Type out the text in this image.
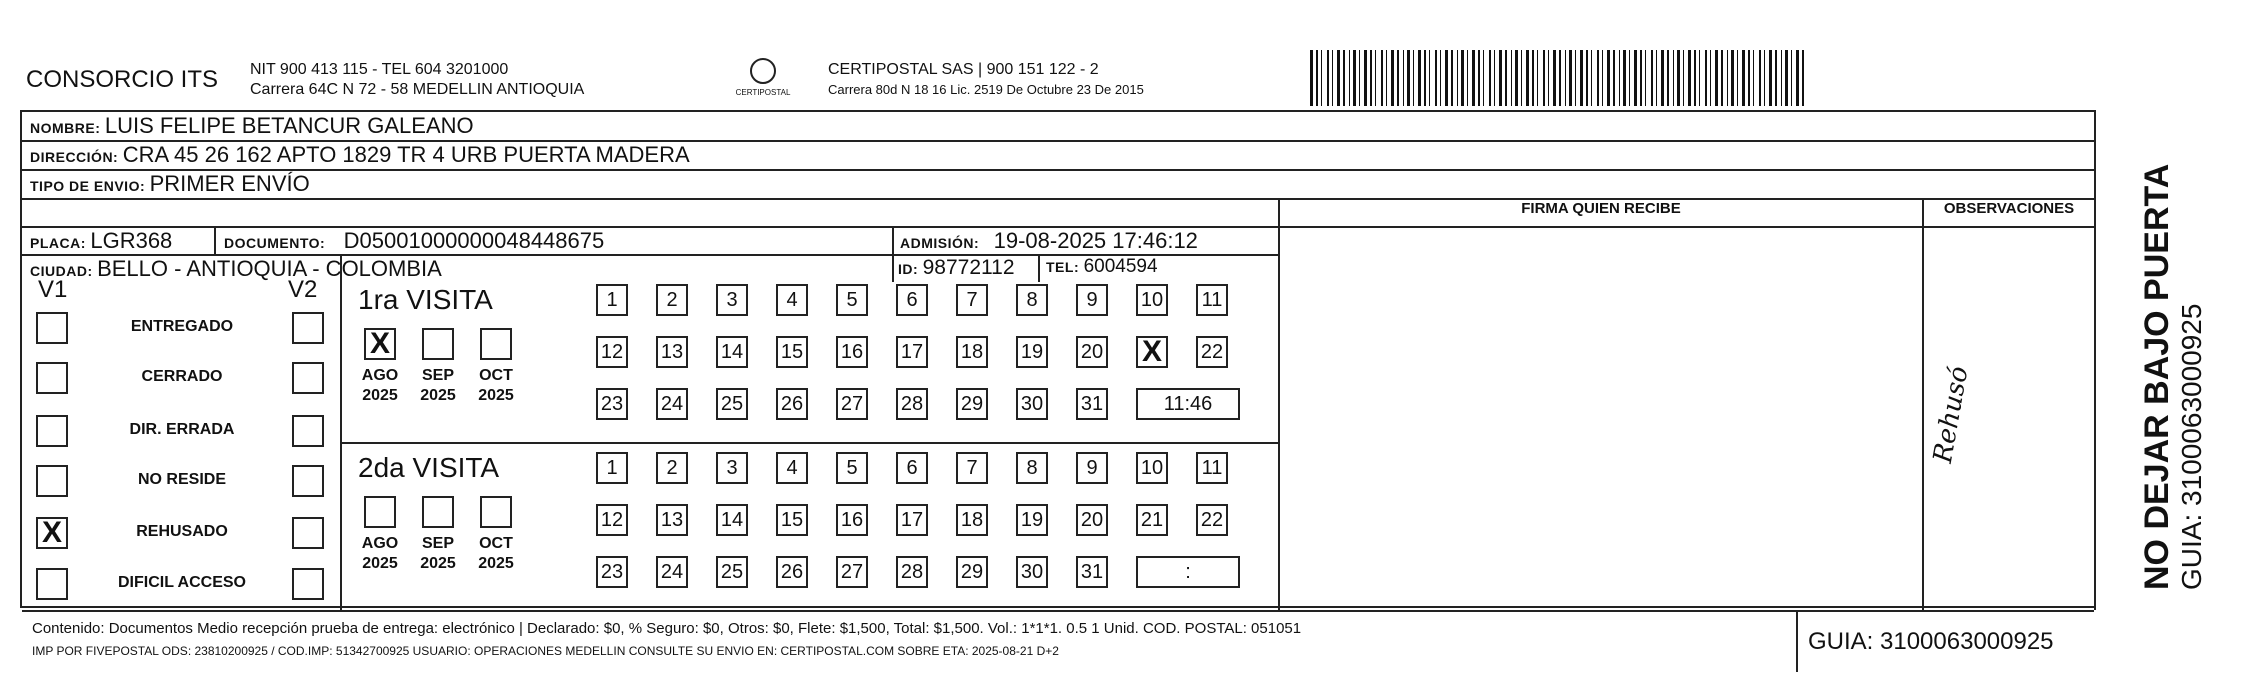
CONSORCIO ITS NIT 900 413 115 - TEL 604 3201000
Carrera 64C N 72 - 58 MEDELLIN ANTIOQUIA	CERTIPOSTAL
CERTIPOSTAL SAS | 900 151 122 - 2
Carrera 80d N 18 16 Lic. 2519 De Octubre 23 De 2015
NOMBRE: LUIS FELIPE BETANCUR GALEANO
DIRECCIÓN: CRA 45 26 162 APTO 1829 TR 4 URB PUERTA MADERA
TIPO DE ENVIO: PRIMER ENVÍO
FIRMA QUIEN RECIBE	OBSERVACIONES
PLACA: LGR368	DOCUMENTO: D05001000000048448675	ADMISIÓN: 19-08-2025 17:46:12
CIUDAD: BELLO - ANTIOQUIA - COLOMBIA	ID: 98772112 TEL: 6004594
V1	V2
ENTREGADO
CERRADO
DIR. ERRADA
NO RESIDE
X	REHUSADO
DIFICIL ACCESO
1ra VISITA
2da VISITA
X
AGO
2025
SEP
2025
OCT
2025
1	2	3	4	5	6	7	8	9	10 11
12 13 14 15 16 17 18 19 20 X 22
23 24 25 26 27 28 29 30 31	11:46
AGO
2025
SEP
2025
OCT
2025
1	2	3	4	5	6	7	8	9	10 11
12 13 14 15 16 17 18 19 20 21 22
23 24 25 26 27 28 29 30 31	:
Contenido: Documentos Medio recepción prueba de entrega: electrónico | Declarado: $0, % Seguro: $0, Otros: $0, Flete: $1,500, Total: $1,500. Vol.: 1*1*1. 0.5 1 Unid. COD. POSTAL: 051051
IMP POR FIVEPOSTAL ODS: 23810200925 / COD.IMP: 51342700925 USUARIO: OPERACIONES MEDELLIN CONSULTE SU ENVIO EN: CERTIPOSTAL.COM SOBRE ETA: 2025-08-21 D+2	GUIA: 3100063000925
Rehusó	NO DEJAR BAJO PUERTA GUIA: 3100063000925
